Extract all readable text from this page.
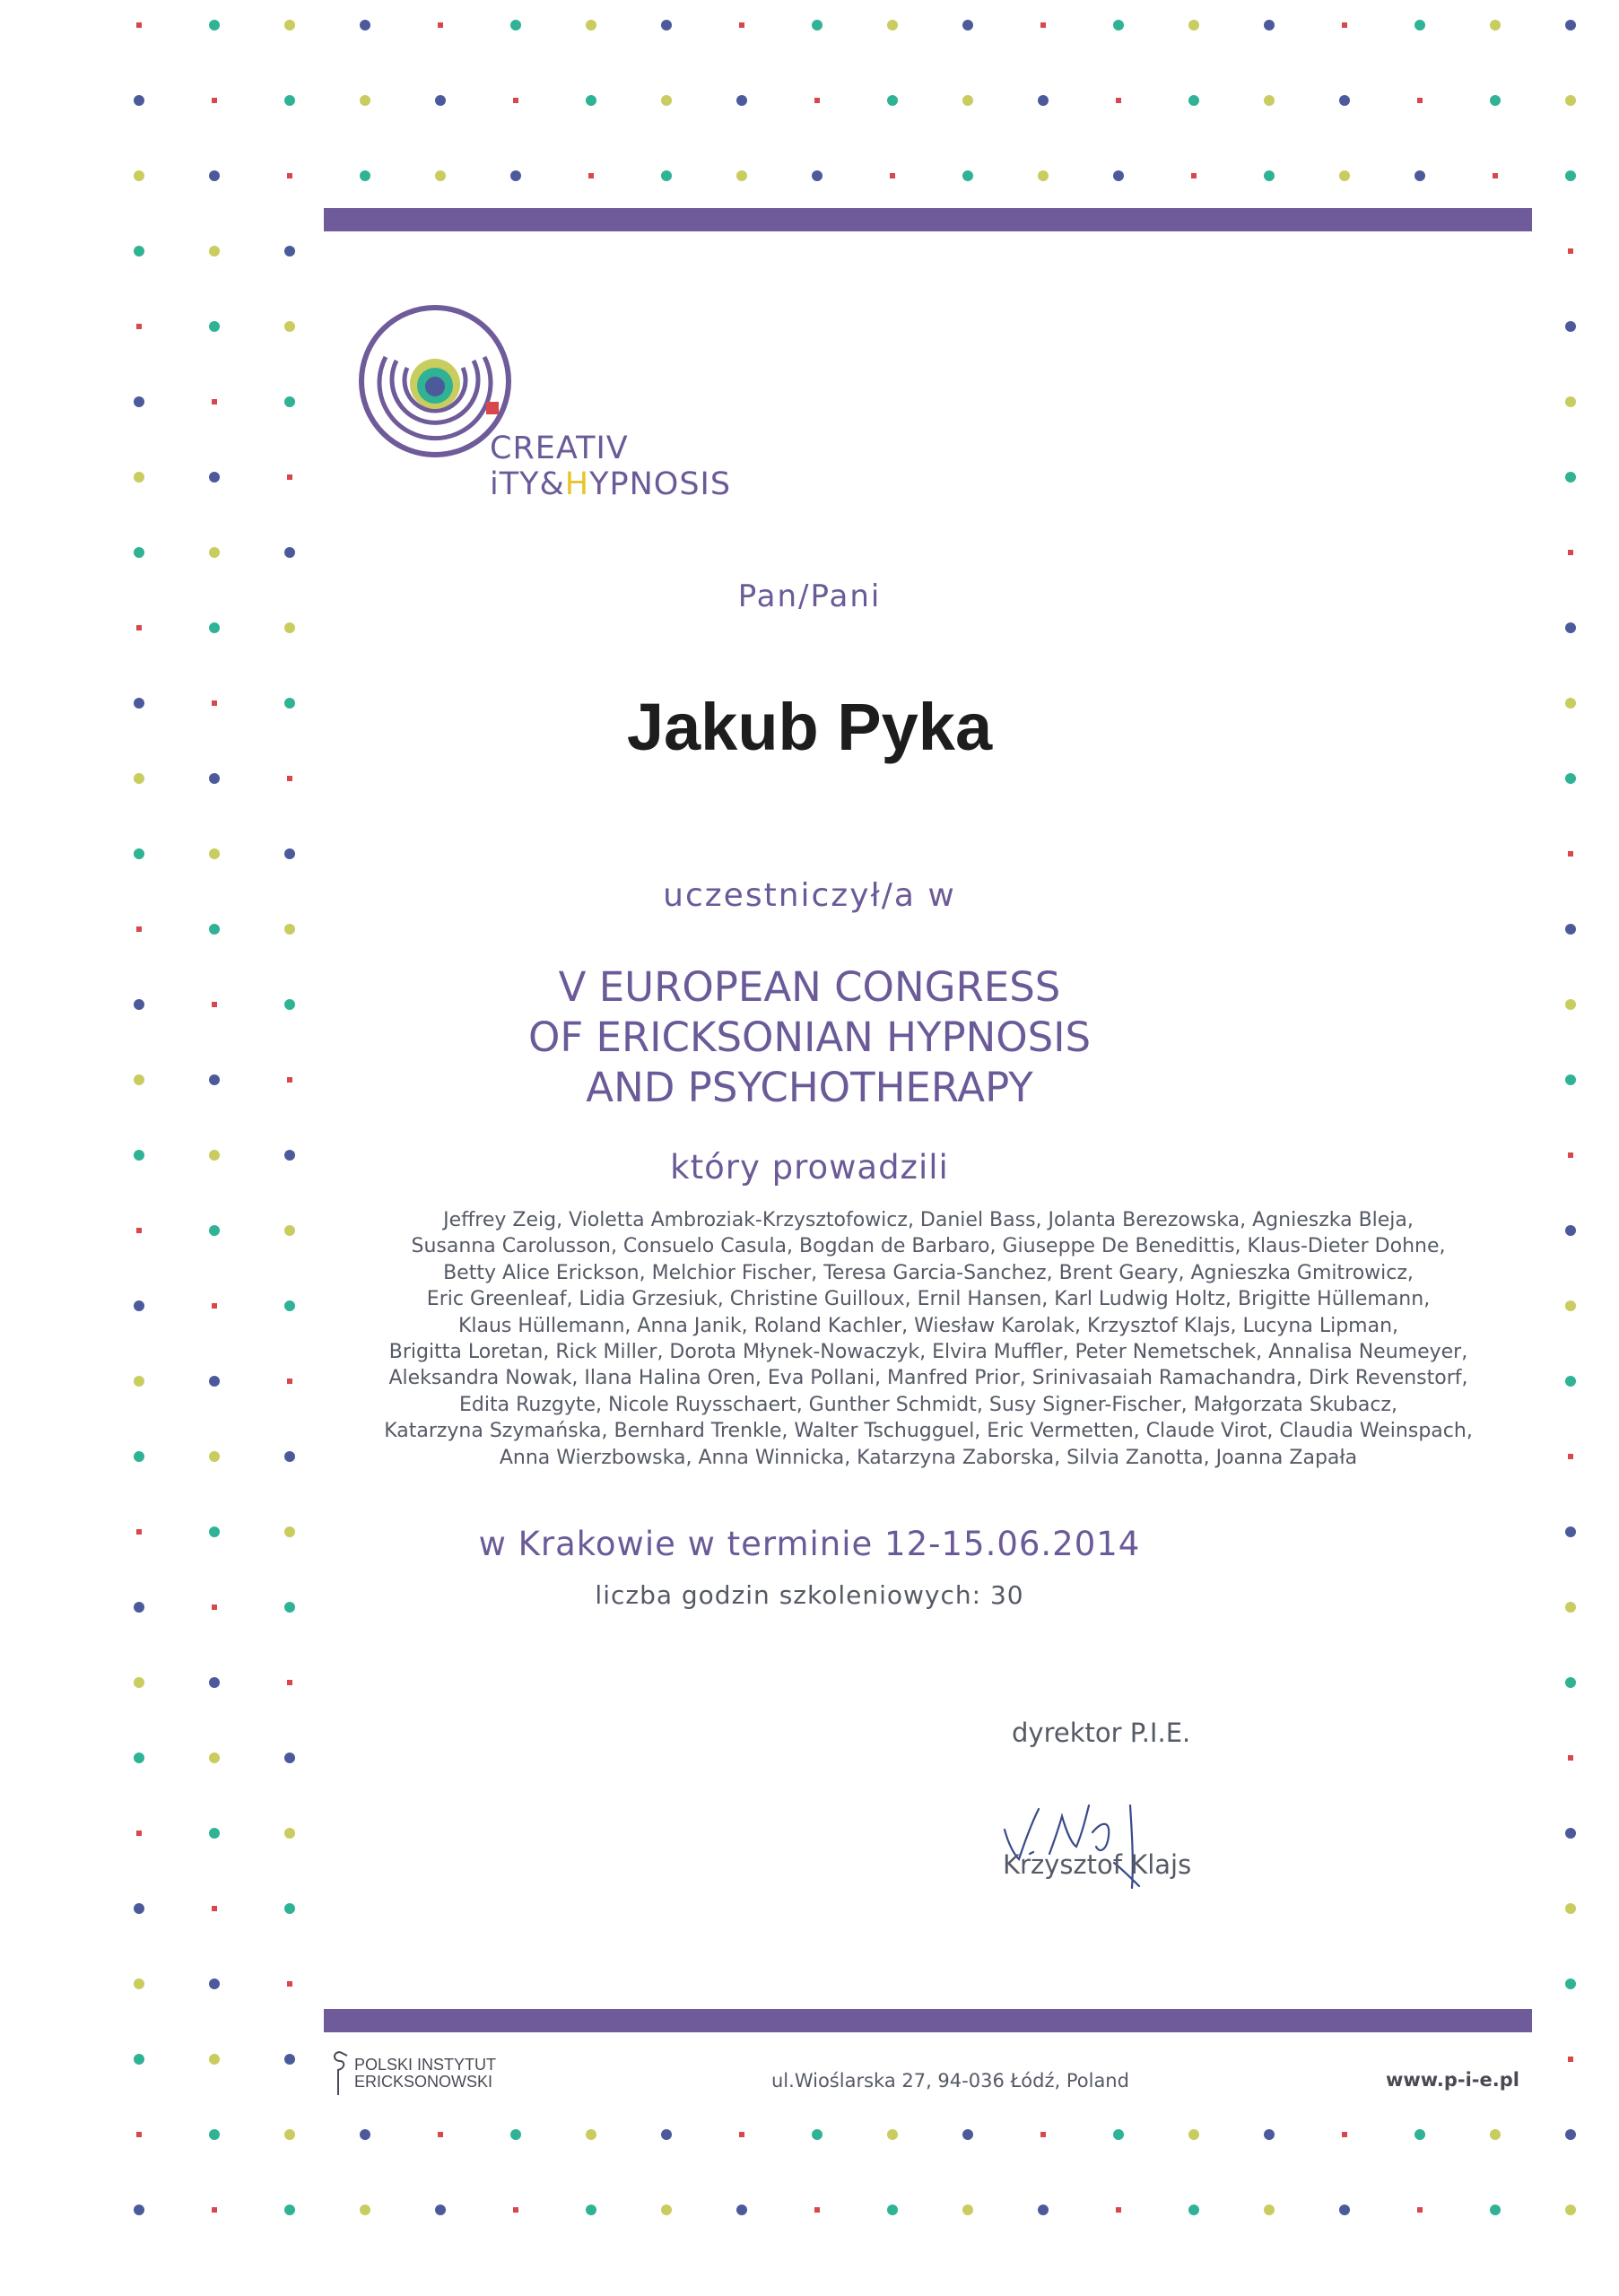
CREATIV
iTY&HYPNOSIS
Pan/Pani
Jakub Pyka
uczestniczył/a w
V EUROPEAN CONGRESS
OF ERICKSONIAN HYPNOSIS
AND PSYCHOTHERAPY
który prowadzili
Jeffrey Zeig, Violetta Ambroziak-Krzysztofowicz, Daniel Bass, Jolanta Berezowska, Agnieszka Bleja,
Susanna Carolusson, Consuelo Casula, Bogdan de Barbaro, Giuseppe De Benedittis, Klaus-Dieter Dohne,
Betty Alice Erickson, Melchior Fischer, Teresa Garcia-Sanchez, Brent Geary, Agnieszka Gmitrowicz,
Eric Greenleaf, Lidia Grzesiuk, Christine Guilloux, Ernil Hansen, Karl Ludwig Holtz, Brigitte Hüllemann,
Klaus Hüllemann, Anna Janik, Roland Kachler, Wiesław Karolak, Krzysztof Klajs, Lucyna Lipman,
Brigitta Loretan, Rick Miller, Dorota Młynek-Nowaczyk, Elvira Muffler, Peter Nemetschek, Annalisa Neumeyer,
Aleksandra Nowak, Ilana Halina Oren, Eva Pollani, Manfred Prior, Srinivasaiah Ramachandra, Dirk Revenstorf,
Edita Ruzgyte, Nicole Ruysschaert, Gunther Schmidt, Susy Signer-Fischer, Małgorzata Skubacz,
Katarzyna Szymańska, Bernhard Trenkle, Walter Tschugguel, Eric Vermetten, Claude Virot, Claudia Weinspach,
Anna Wierzbowska, Anna Winnicka, Katarzyna Zaborska, Silvia Zanotta, Joanna Zapała
w Krakowie w terminie 12-15.06.2014
liczba godzin szkoleniowych: 30
dyrektor P.I.E.
Krzysztof Klajs
POLSKI INSTYTUT
ERICKSONOWSKI	ul.Wioślarska 27, 94-036 Łódź, Poland	www.p-i-e.pl
